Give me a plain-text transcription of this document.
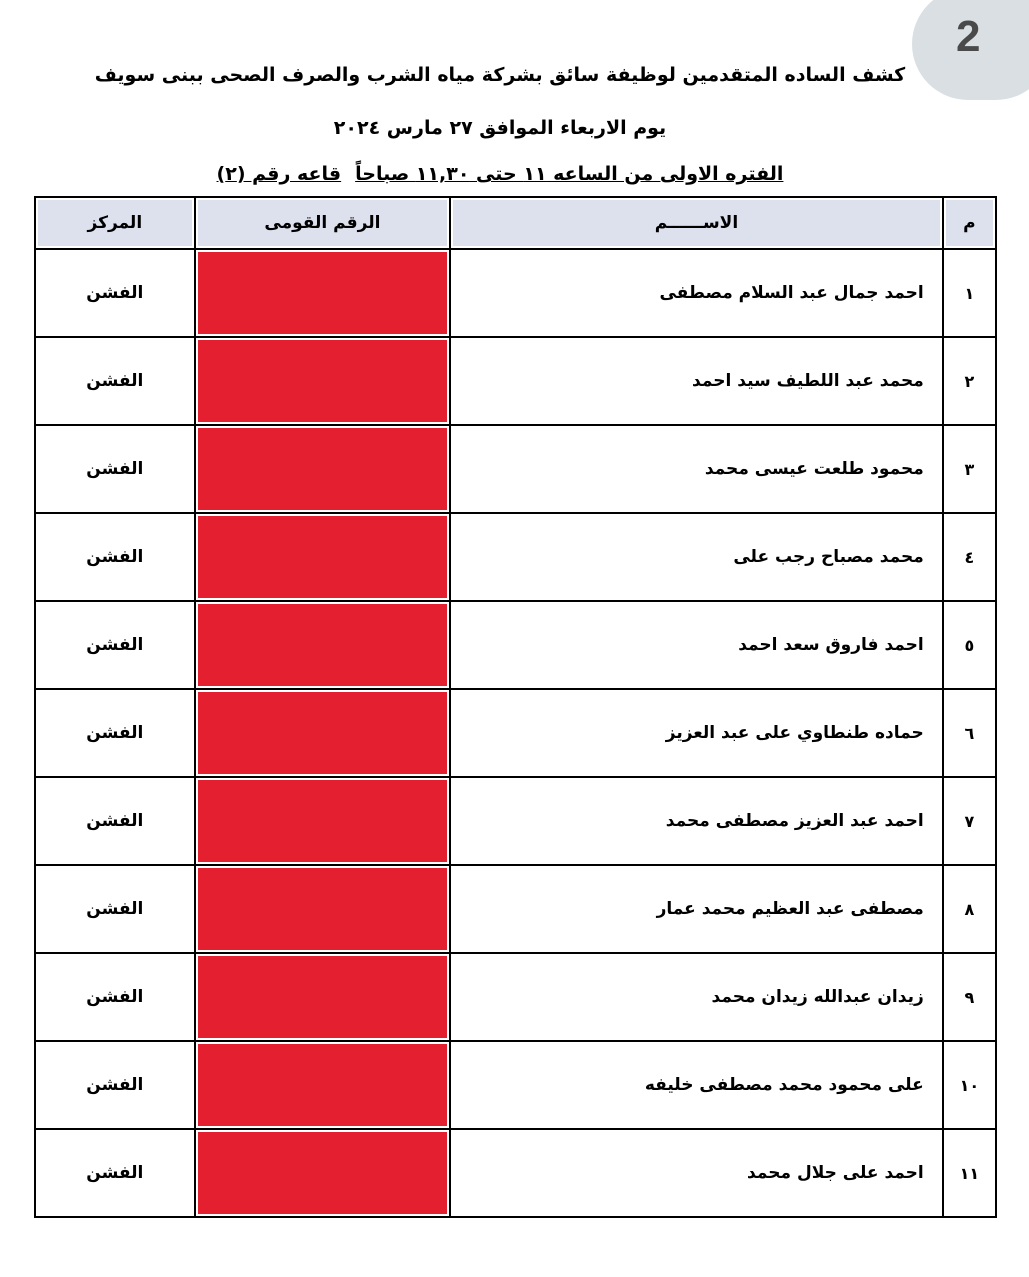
2
كشف الساده المتقدمين لوظيفة سائق بشركة مياه الشرب والصرف الصحى ببنى سويف
يوم الاربعاء الموافق ٢٧ مارس ٢٠٢٤
الفتره الاولى من الساعه ١١ حتى ١١,٣٠ صباحاًقاعه رقم (٢)
م	الاســــــم	الرقم القومى	المركز
١	احمد جمال عبد السلام مصطفى		الفشن
٢	محمد عبد اللطيف سيد احمد		الفشن
٣	محمود طلعت عيسى محمد		الفشن
٤	محمد مصباح رجب على		الفشن
٥	احمد فاروق سعد احمد		الفشن
٦	حماده طنطاوي على عبد العزيز		الفشن
٧	احمد عبد العزيز مصطفى محمد		الفشن
٨	مصطفى عبد العظيم محمد عمار		الفشن
٩	زيدان عبدالله زيدان محمد		الفشن
١٠	على محمود محمد مصطفى خليفه		الفشن
١١	احمد على جلال محمد		الفشن
